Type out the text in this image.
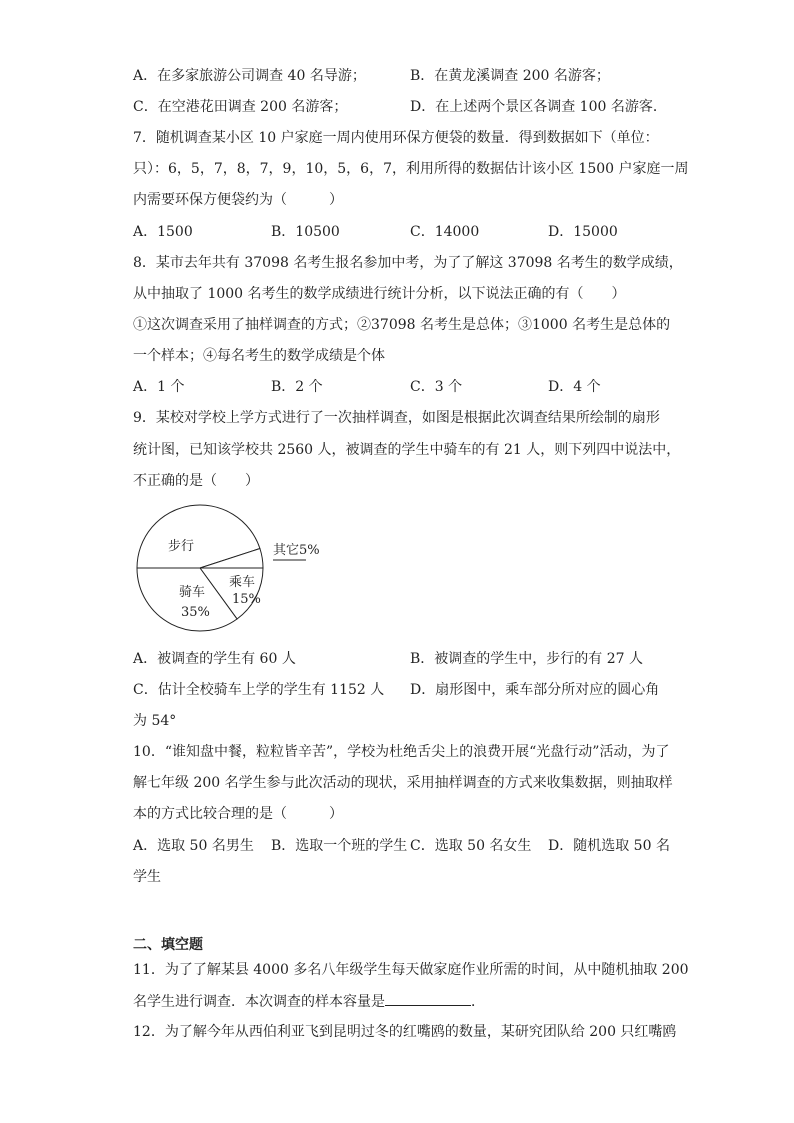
A．在多家旅游公司调查 40 名导游；	B．在黄龙溪调查 200 名游客；
C．在空港花田调查 200 名游客；	D．在上述两个景区各调查 100 名游客．
7．随机调查某小区 10 户家庭一周内使用环保方便袋的数量．得到数据如下（单位：
只）：6，5，7，8，7，9，10，5，6，7，利用所得的数据估计该小区 1500 户家庭一周
内需要环保方便袋约为（　　　）
A．1500	B．10500	C．14000	D．15000
8．某市去年共有 37098 名考生报名参加中考，为了了解这 37098 名考生的数学成绩，
从中抽取了 1000 名考生的数学成绩进行统计分析，以下说法正确的有（　　）
①这次调查采用了抽样调查的方式；②37098 名考生是总体；③1000 名考生是总体的
一个样本；④每名考生的数学成绩是个体
A．1 个	B．2 个	C．3 个	D．4 个
9．某校对学校上学方式进行了一次抽样调查，如图是根据此次调查结果所绘制的扇形
统计图，已知该学校共 2560 人，被调查的学生中骑车的有 21 人，则下列四中说法中，
不正确的是（　　）
步行	其它5%
乘车
15%
骑车
35%
A．被调查的学生有 60 人	B．被调查的学生中，步行的有 27 人
C．估计全校骑车上学的学生有 1152 人 D．扇形图中，乘车部分所对应的圆心角
为 54°
10．“谁知盘中餐，粒粒皆辛苦”，学校为杜绝舌尖上的浪费开展“光盘行动”活动，为了
解七年级 200 名学生参与此次活动的现状，采用抽样调查的方式来收集数据，则抽取样
本的方式比较合理的是（　　　）
A．选取 50 名男生 B．选取一个班的学生 C．选取 50 名女生 D．随机选取 50 名
学生
二、填空题
11．为了了解某县 4000 多名八年级学生每天做家庭作业所需的时间，从中随机抽取 200
名学生进行调查．本次调查的样本容量是	．
12．为了解今年从西伯利亚飞到昆明过冬的红嘴鸥的数量，某研究团队给 200 只红嘴鸥
